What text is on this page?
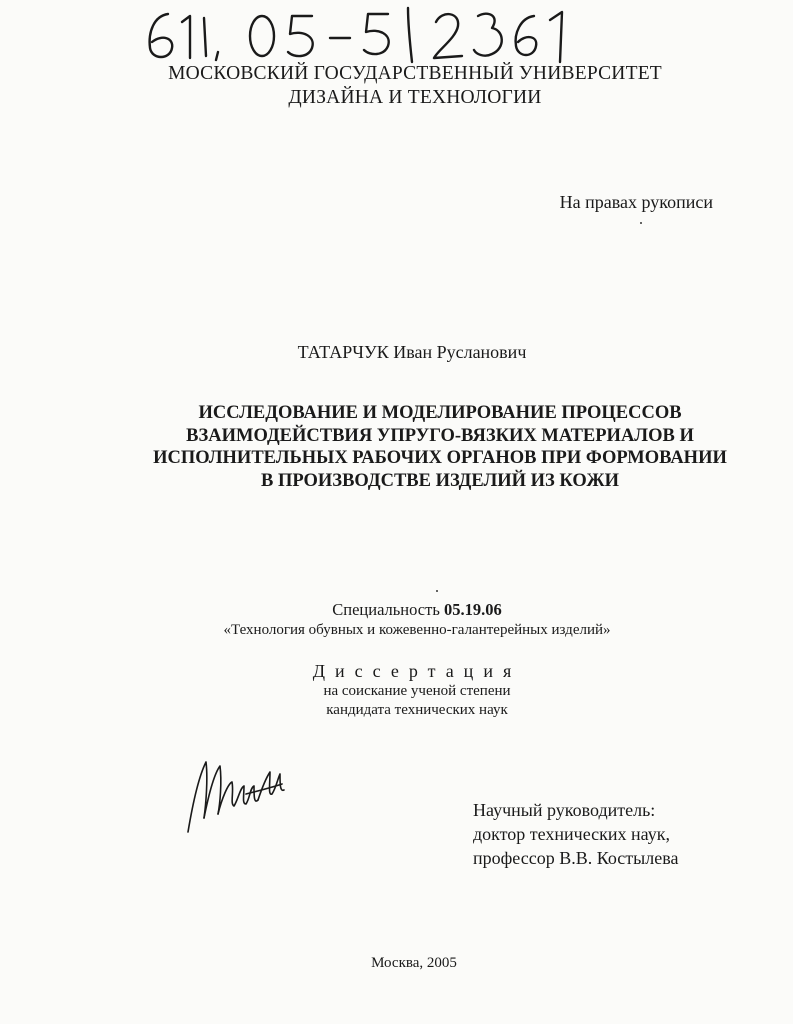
МОСКОВСКИЙ ГОСУДАРСТВЕННЫЙ УНИВЕРСИТЕТ
ДИЗАЙНА И ТЕХНОЛОГИИ
На правах рукописи
ТАТАРЧУК Иван Русланович
ИССЛЕДОВАНИЕ И МОДЕЛИРОВАНИЕ ПРОЦЕССОВ
ВЗАИМОДЕЙСТВИЯ УПРУГО-ВЯЗКИХ МАТЕРИАЛОВ И
ИСПОЛНИТЕЛЬНЫХ РАБОЧИХ ОРГАНОВ ПРИ ФОРМОВАНИИ
В ПРОИЗВОДСТВЕ ИЗДЕЛИЙ ИЗ КОЖИ
Специальность 05.19.06
«Технология обувных и кожевенно-галантерейных изделий»
Диссертация
на соискание ученой степени
кандидата технических наук
Научный руководитель:
доктор технических наук,
профессор В.В. Костылева
Москва, 2005
